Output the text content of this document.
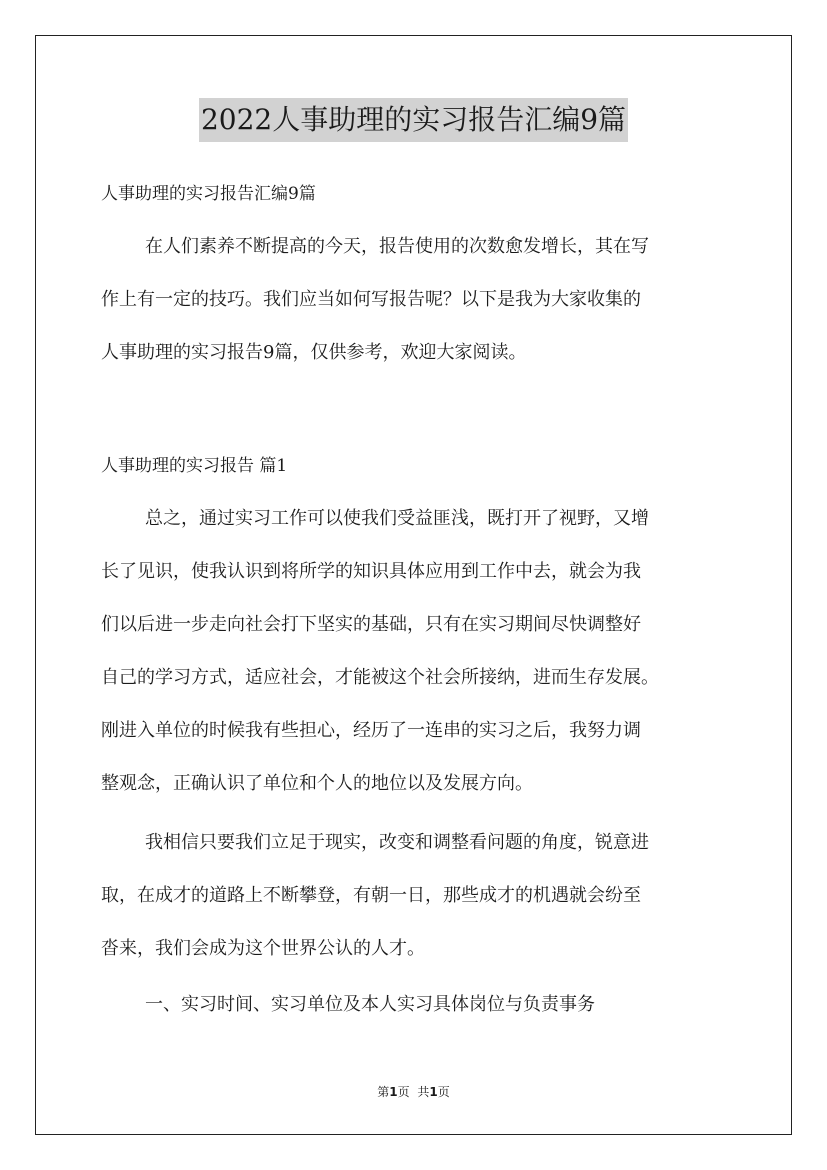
2022人事助理的实习报告汇编9篇
人事助理的实习报告汇编9篇
在人们素养不断提高的今天，报告使用的次数愈发增长，其在写
作上有一定的技巧。我们应当如何写报告呢？以下是我为大家收集的
人事助理的实习报告9篇，仅供参考，欢迎大家阅读。
人事助理的实习报告 篇1
总之，通过实习工作可以使我们受益匪浅，既打开了视野，又增
长了见识，使我认识到将所学的知识具体应用到工作中去，就会为我
们以后进一步走向社会打下坚实的基础，只有在实习期间尽快调整好
自己的学习方式，适应社会，才能被这个社会所接纳，进而生存发展。
刚进入单位的时候我有些担心，经历了一连串的实习之后，我努力调
整观念，正确认识了单位和个人的地位以及发展方向。
我相信只要我们立足于现实，改变和调整看问题的角度，锐意进
取，在成才的道路上不断攀登，有朝一日，那些成才的机遇就会纷至
沓来，我们会成为这个世界公认的人才。
一、实习时间、实习单位及本人实习具体岗位与负责事务
第1页 共1页
